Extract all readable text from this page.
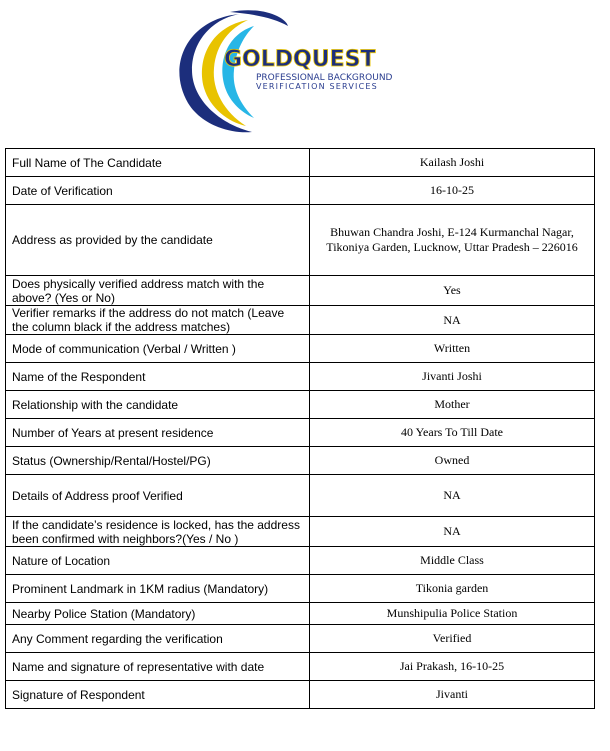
GOLDQUEST
PROFESSIONAL BACKGROUND
VERIFICATION SERVICES
Full Name of The Candidate	Kailash Joshi
Date of Verification	16-10-25
Address as provided by the candidate	Bhuwan Chandra Joshi, E-124 Kurmanchal Nagar, Tikoniya Garden, Lucknow, Uttar Pradesh – 226016
Does physically verified address match with the above? (Yes or No)	Yes
Verifier remarks if the address do not match (Leave the column black if the address matches)	NA
Mode of communication (Verbal / Written )	Written
Name of the Respondent	Jivanti Joshi
Relationship with the candidate	Mother
Number of Years at present residence	40 Years To Till Date
Status (Ownership/Rental/Hostel/PG)	Owned
Details of Address proof Verified	NA
If the candidate’s residence is locked, has the address been confirmed with neighbors?(Yes / No )	NA
Nature of Location	Middle Class
Prominent Landmark in 1KM radius (Mandatory)	Tikonia garden
Nearby Police Station (Mandatory)	Munshipulia Police Station
Any Comment regarding the verification	Verified
Name and signature of representative with date	Jai Prakash, 16-10-25
Signature of Respondent	Jivanti
